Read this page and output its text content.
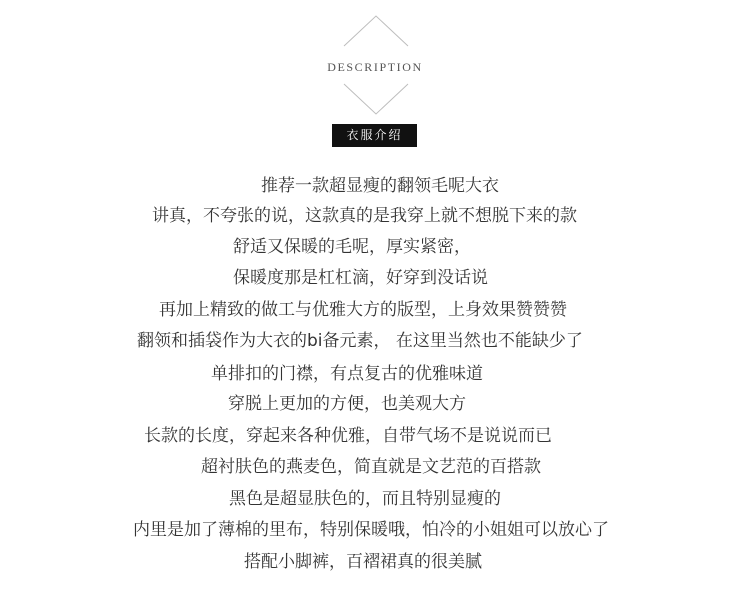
DESCRIPTION
衣服介绍
推荐一款超显瘦的翻领毛呢大衣
讲真，不夸张的说，这款真的是我穿上就不想脱下来的款
舒适又保暖的毛呢，厚实紧密，
保暖度那是杠杠滴，好穿到没话说
再加上精致的做工与优雅大方的版型，上身效果赞赞赞
翻领和插袋作为大衣的bi备元素， 在这里当然也不能缺少了
单排扣的门襟，有点复古的优雅味道
穿脱上更加的方便，也美观大方
长款的长度，穿起来各种优雅，自带气场不是说说而已
超衬肤色的燕麦色，简直就是文艺范的百搭款
黑色是超显肤色的，而且特别显瘦的
内里是加了薄棉的里布，特别保暖哦，怕冷的小姐姐可以放心了
搭配小脚裤，百褶裙真的很美腻
